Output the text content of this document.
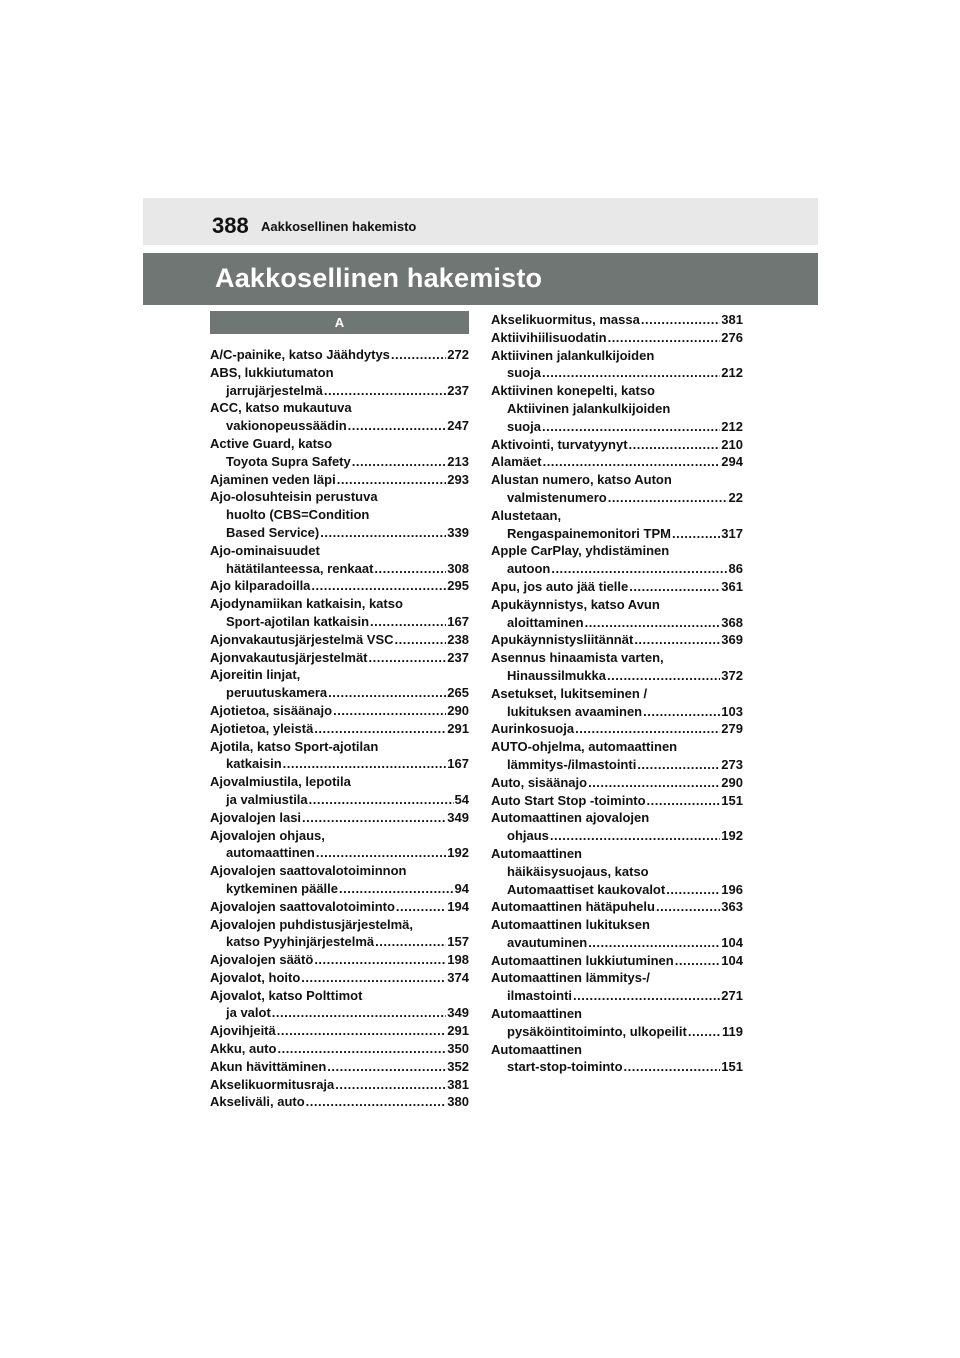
388 Aakkosellinen hakemisto
Aakkosellinen hakemisto
A
A/C-painike, katso Jäähdytys .....	272
ABS, lukkiutumaton
jarrujärjestelmä .....	237
ACC, katso mukautuva
vakionopeussäädin .....	247
Active Guard, katso
Toyota Supra Safety .....	213
Ajaminen veden läpi .....	293
Ajo-olosuhteisin perustuva
huolto (CBS=Condition
Based Service) .....	339
Ajo-ominaisuudet
hätätilanteessa, renkaat .....	308
Ajo kilparadoilla .....	295
Ajodynamiikan katkaisin, katso
Sport-ajotilan katkaisin .....	167
Ajonvakautusjärjestelmä VSC .....	238
Ajonvakautusjärjestelmät .....	237
Ajoreitin linjat,
peruutuskamera .....	265
Ajotietoa, sisäänajo .....	290
Ajotietoa, yleistä .....	291
Ajotila, katso Sport-ajotilan
katkaisin .....	167
Ajovalmiustila, lepotila
ja valmiustila .....	54
Ajovalojen lasi .....	349
Ajovalojen ohjaus,
automaattinen .....	192
Ajovalojen saattovalotoiminnon
kytkeminen päälle .....	94
Ajovalojen saattovalotoiminto .....	194
Ajovalojen puhdistusjärjestelmä,
katso Pyyhinjärjestelmä .....	157
Ajovalojen säätö .....	198
Ajovalot, hoito .....	374
Ajovalot, katso Polttimot
ja valot .....	349
Ajovihjeitä .....	291
Akku, auto .....	350
Akun hävittäminen .....	352
Akselikuormitusraja .....	381
Akseliväli, auto .....	380
Akselikuormitus, massa .....	381
Aktiivihiilisuodatin .....	276
Aktiivinen jalankulkijoiden
suoja .....	212
Aktiivinen konepelti, katso
Aktiivinen jalankulkijoiden
suoja .....	212
Aktivointi, turvatyynyt .....	210
Alamäet .....	294
Alustan numero, katso Auton
valmistenumero .....	22
Alustetaan,
Rengaspainemonitori TPM .....	317
Apple CarPlay, yhdistäminen
autoon .....	86
Apu, jos auto jää tielle .....	361
Apukäynnistys, katso Avun
aloittaminen .....	368
Apukäynnistysliitännät .....	369
Asennus hinaamista varten,
Hinaussilmukka .....	372
Asetukset, lukitseminen /
lukituksen avaaminen .....	103
Aurinkosuoja .....	279
AUTO-ohjelma, automaattinen
lämmitys-/ilmastointi .....	273
Auto, sisäänajo .....	290
Auto Start Stop -toiminto .....	151
Automaattinen ajovalojen
ohjaus .....	192
Automaattinen
häikäisysuojaus, katso
Automaattiset kaukovalot .....	196
Automaattinen hätäpuhelu .....	363
Automaattinen lukituksen
avautuminen .....	104
Automaattinen lukkiutuminen .....	104
Automaattinen lämmitys-/
ilmastointi .....	271
Automaattinen
pysäköintitoiminto, ulkopeilit .....	119
Automaattinen
start-stop-toiminto .....	151
